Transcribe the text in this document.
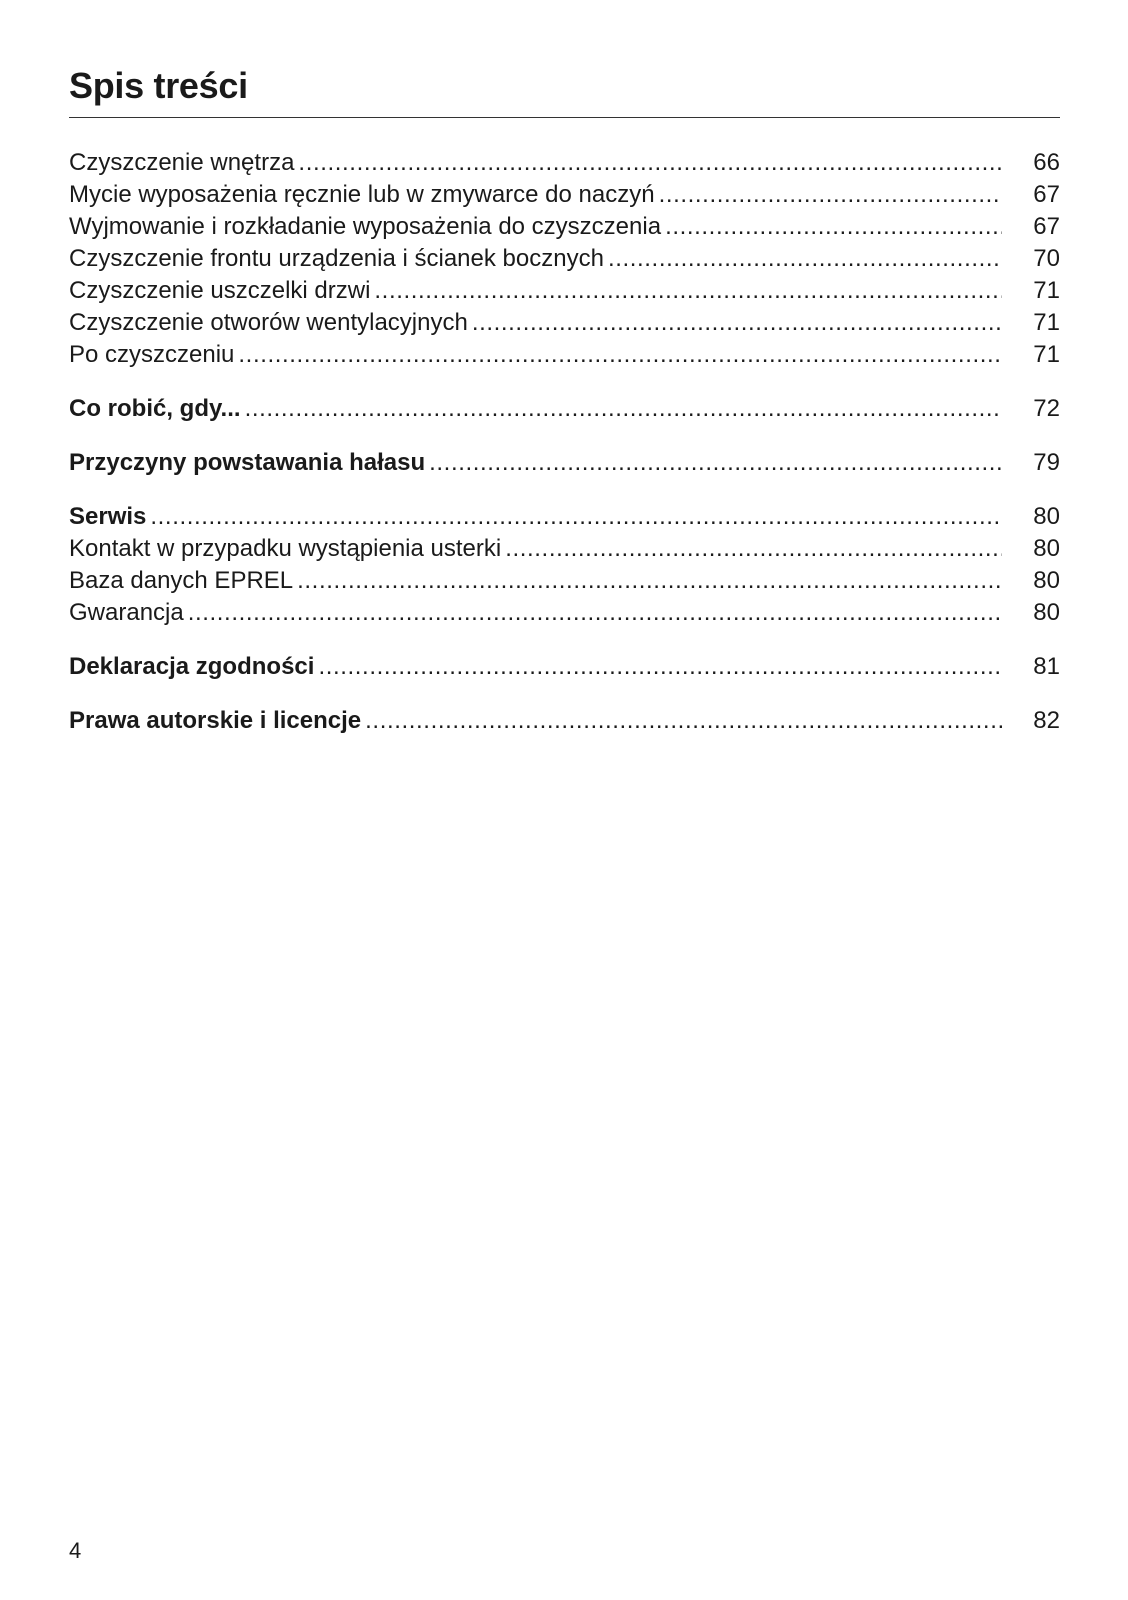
Spis treści
Czyszczenie wnętrza .....	66
Mycie wyposażenia ręcznie lub w zmywarce do naczyń .....	67
Wyjmowanie i rozkładanie wyposażenia do czyszczenia .....	67
Czyszczenie frontu urządzenia i ścianek bocznych .....	70
Czyszczenie uszczelki drzwi .....	71
Czyszczenie otworów wentylacyjnych .....	71
Po czyszczeniu .....	71
Co robić, gdy... .....	72
Przyczyny powstawania hałasu .....	79
Serwis .....	80
Kontakt w przypadku wystąpienia usterki .....	80
Baza danych EPREL .....	80
Gwarancja .....	80
Deklaracja zgodności .....	81
Prawa autorskie i licencje .....	82
4
